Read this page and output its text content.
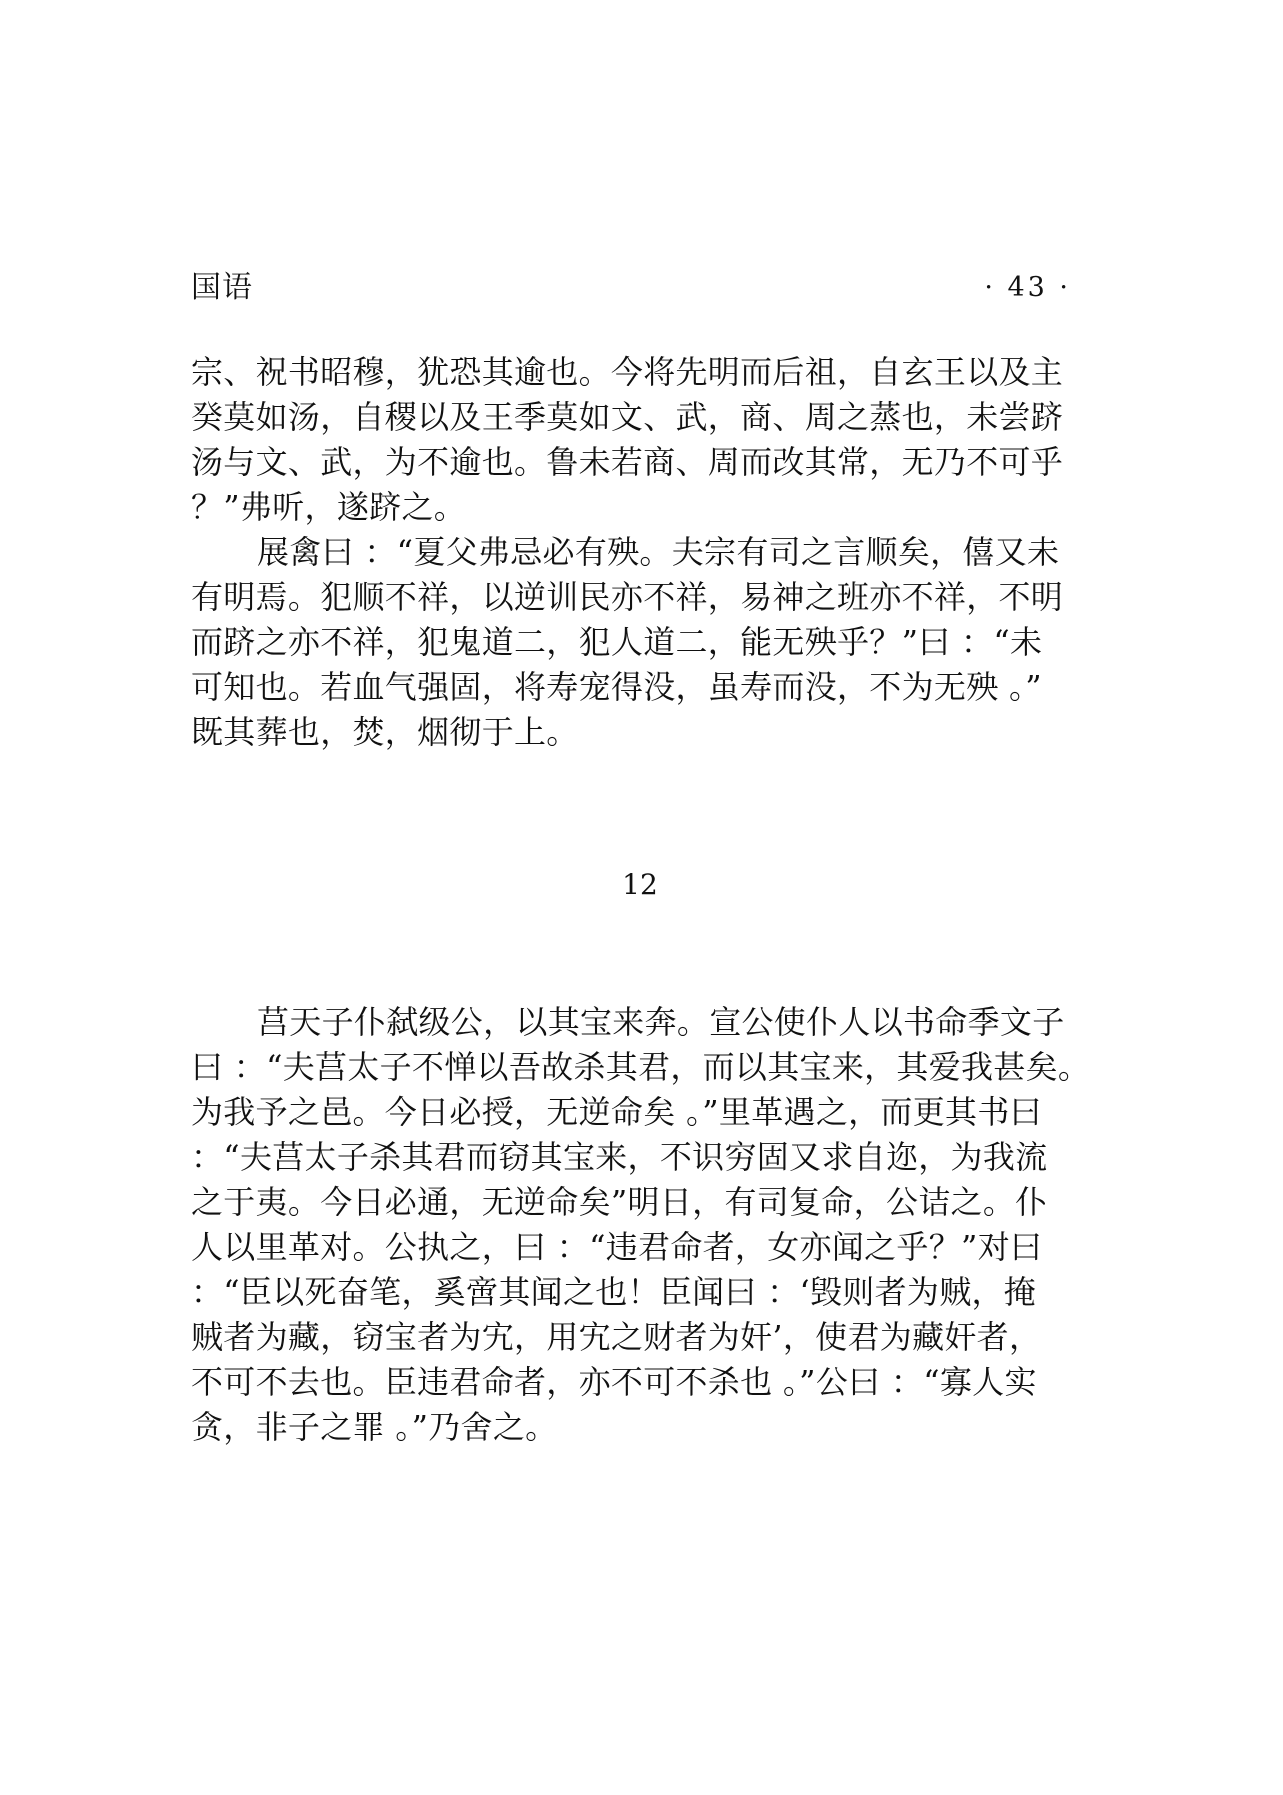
国语	· 43 ·
宗、祝书昭穆，犹恐其逾也。今将先明而后祖，自玄王以及主
癸莫如汤，自稷以及王季莫如文、武，商、周之蒸也，未尝跻
汤与文、武，为不逾也。鲁未若商、周而改其常，无乃不可乎
？”弗听，遂跻之。
展禽曰 ：“夏父弗忌必有殃。夫宗有司之言顺矣，僖又未
有明焉。犯顺不祥，以逆训民亦不祥，易神之班亦不祥，不明
而跻之亦不祥，犯鬼道二，犯人道二，能无殃乎？”曰 ：“未
可知也。若血气强固，将寿宠得没，虽寿而没，不为无殃 。”
既其葬也，焚，烟彻于上。
12
莒天子仆弑级公，以其宝来奔。宣公使仆人以书命季文子
曰 ：“夫莒太子不惮以吾故杀其君，而以其宝来，其爱我甚矣。
为我予之邑。今日必授，无逆命矣 。”里革遇之，而更其书曰
：“夫莒太子杀其君而窃其宝来，不识穷固又求自迩，为我流
之于夷。今日必通，无逆命矣”明日，有司复命，公诘之。仆
人以里革对。公执之，曰 ：“违君命者，女亦闻之乎？”对曰
：“臣以死奋笔，奚啻其闻之也！臣闻曰 ：‘毁则者为贼，掩
贼者为藏，窃宝者为宄，用宄之财者为奸’，使君为藏奸者，
不可不去也。臣违君命者，亦不可不杀也 。”公曰 ：“寡人实
贪，非子之罪 。”乃舍之。
